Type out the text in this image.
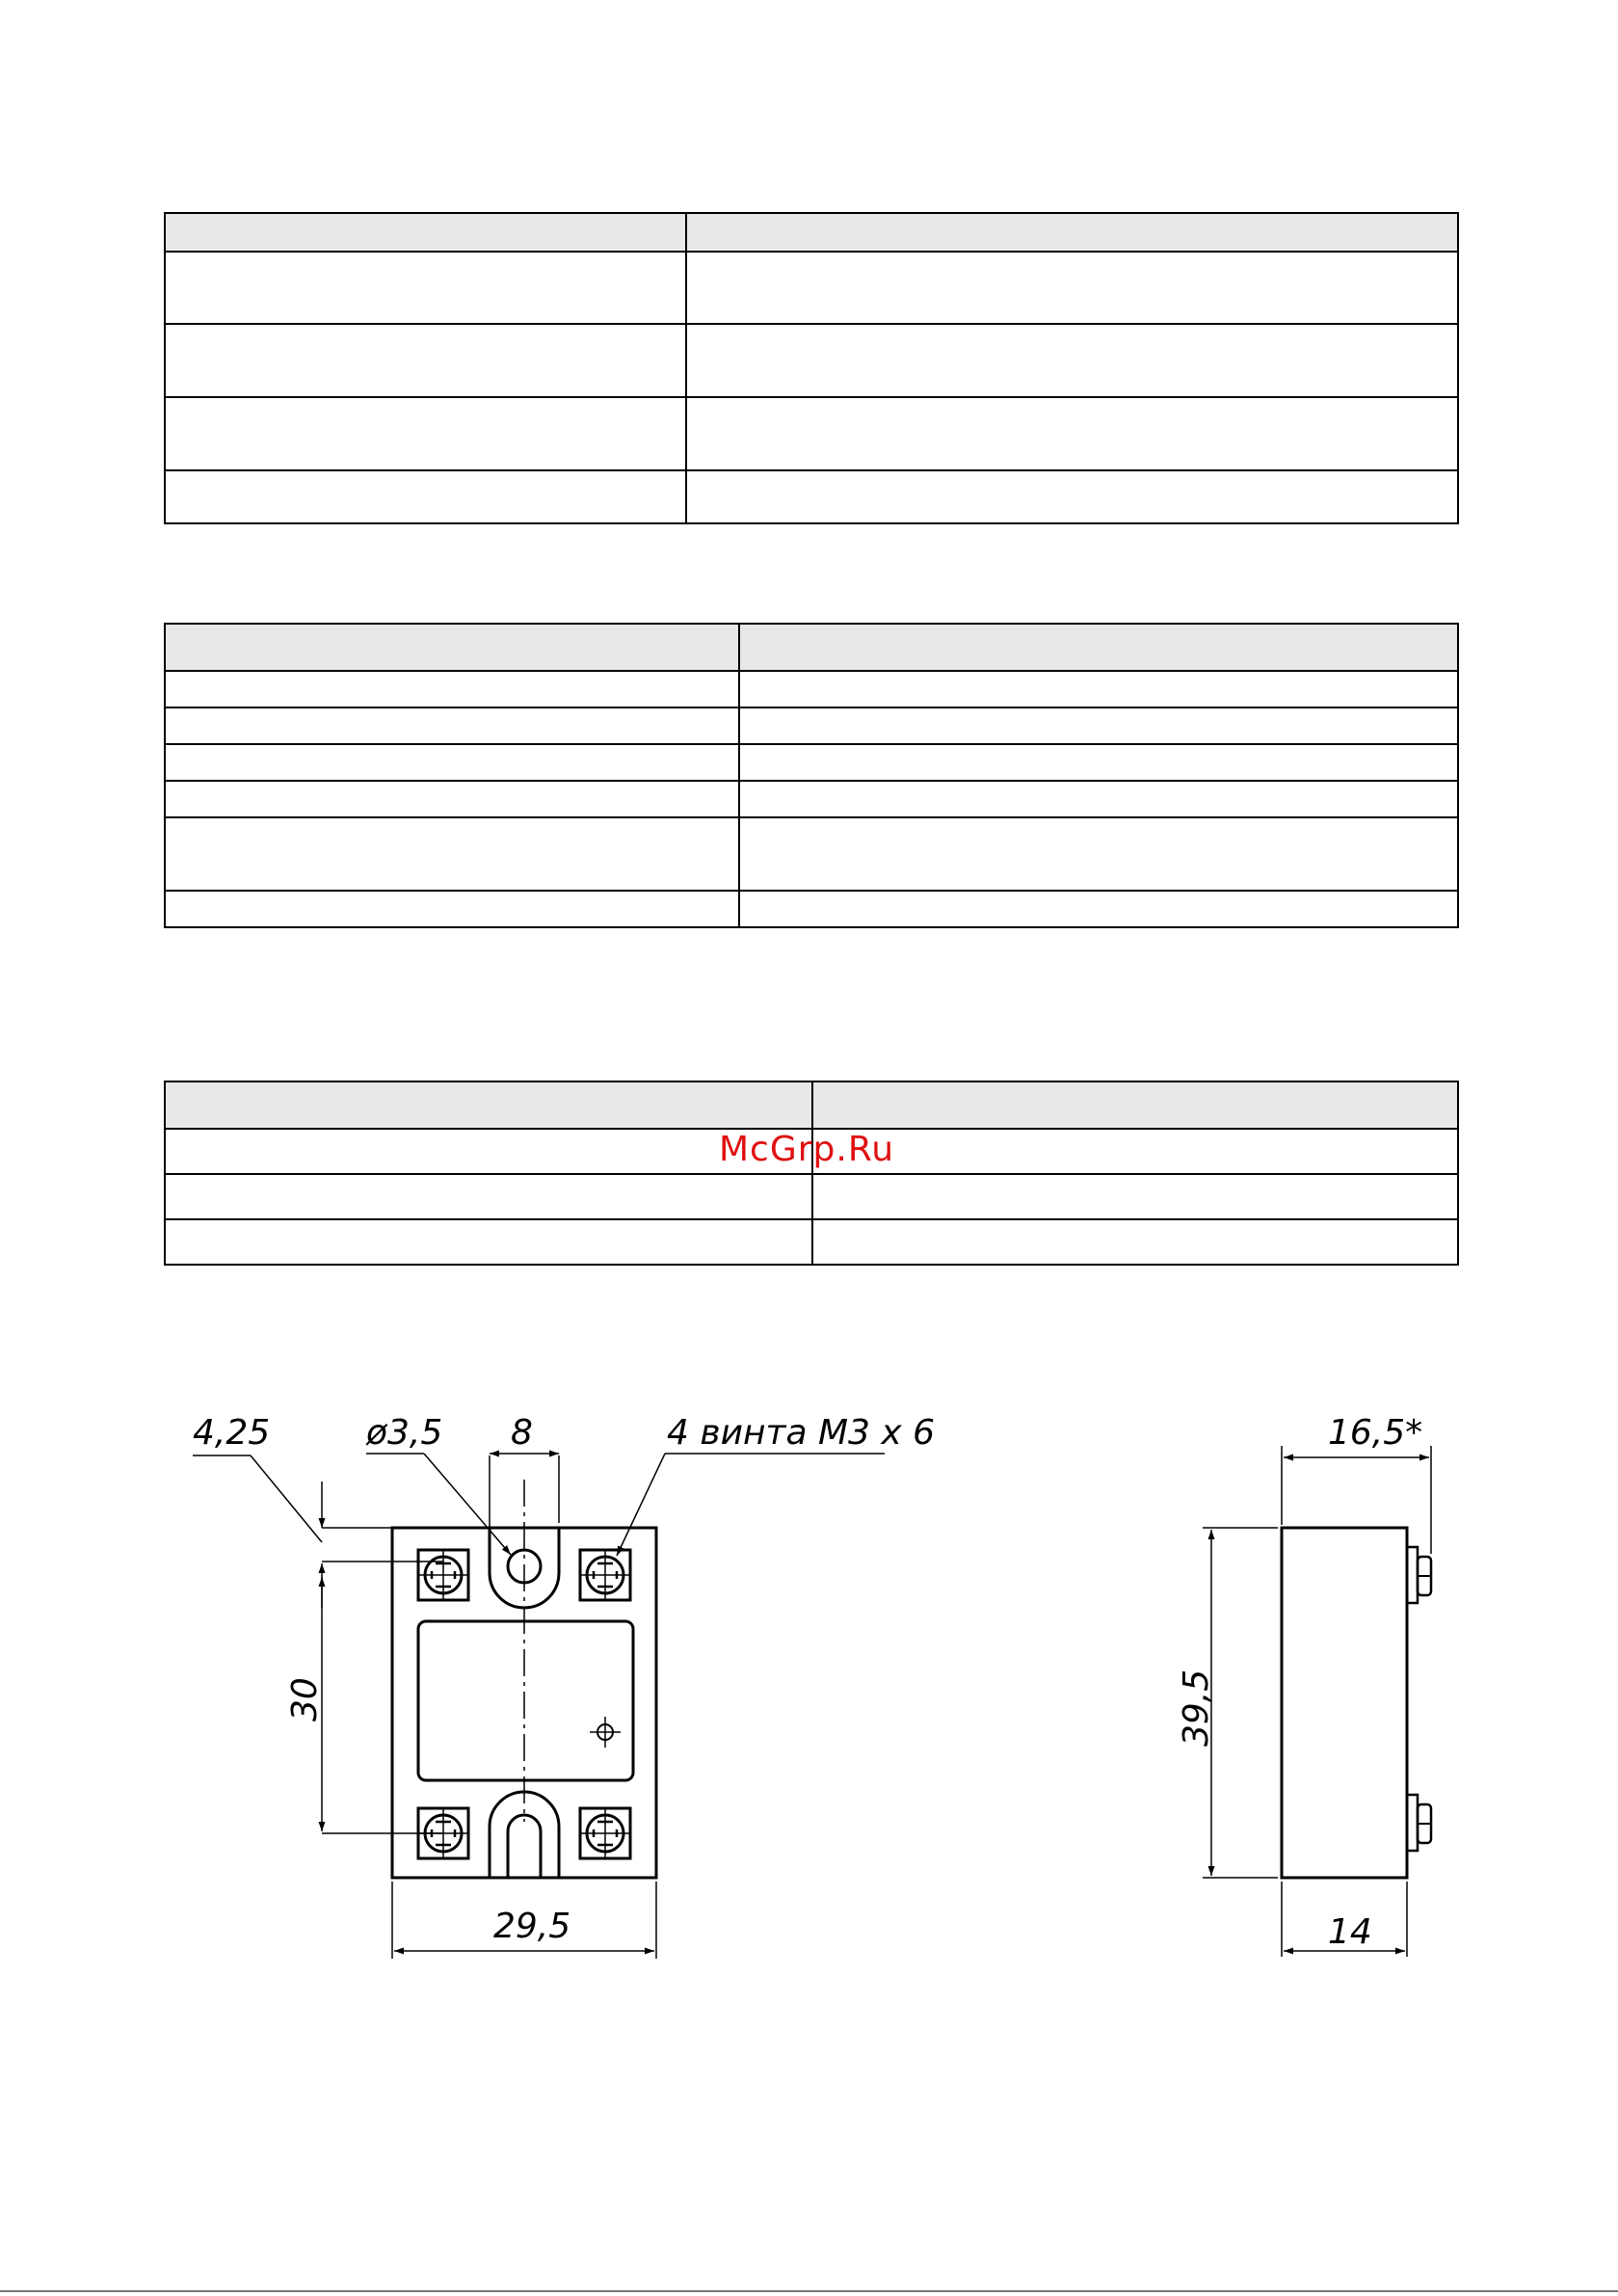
McGrp.Ru
4,25	ø3,5 8	4 винта М3 х 6
30
29,5
16,5*
39,5
14
